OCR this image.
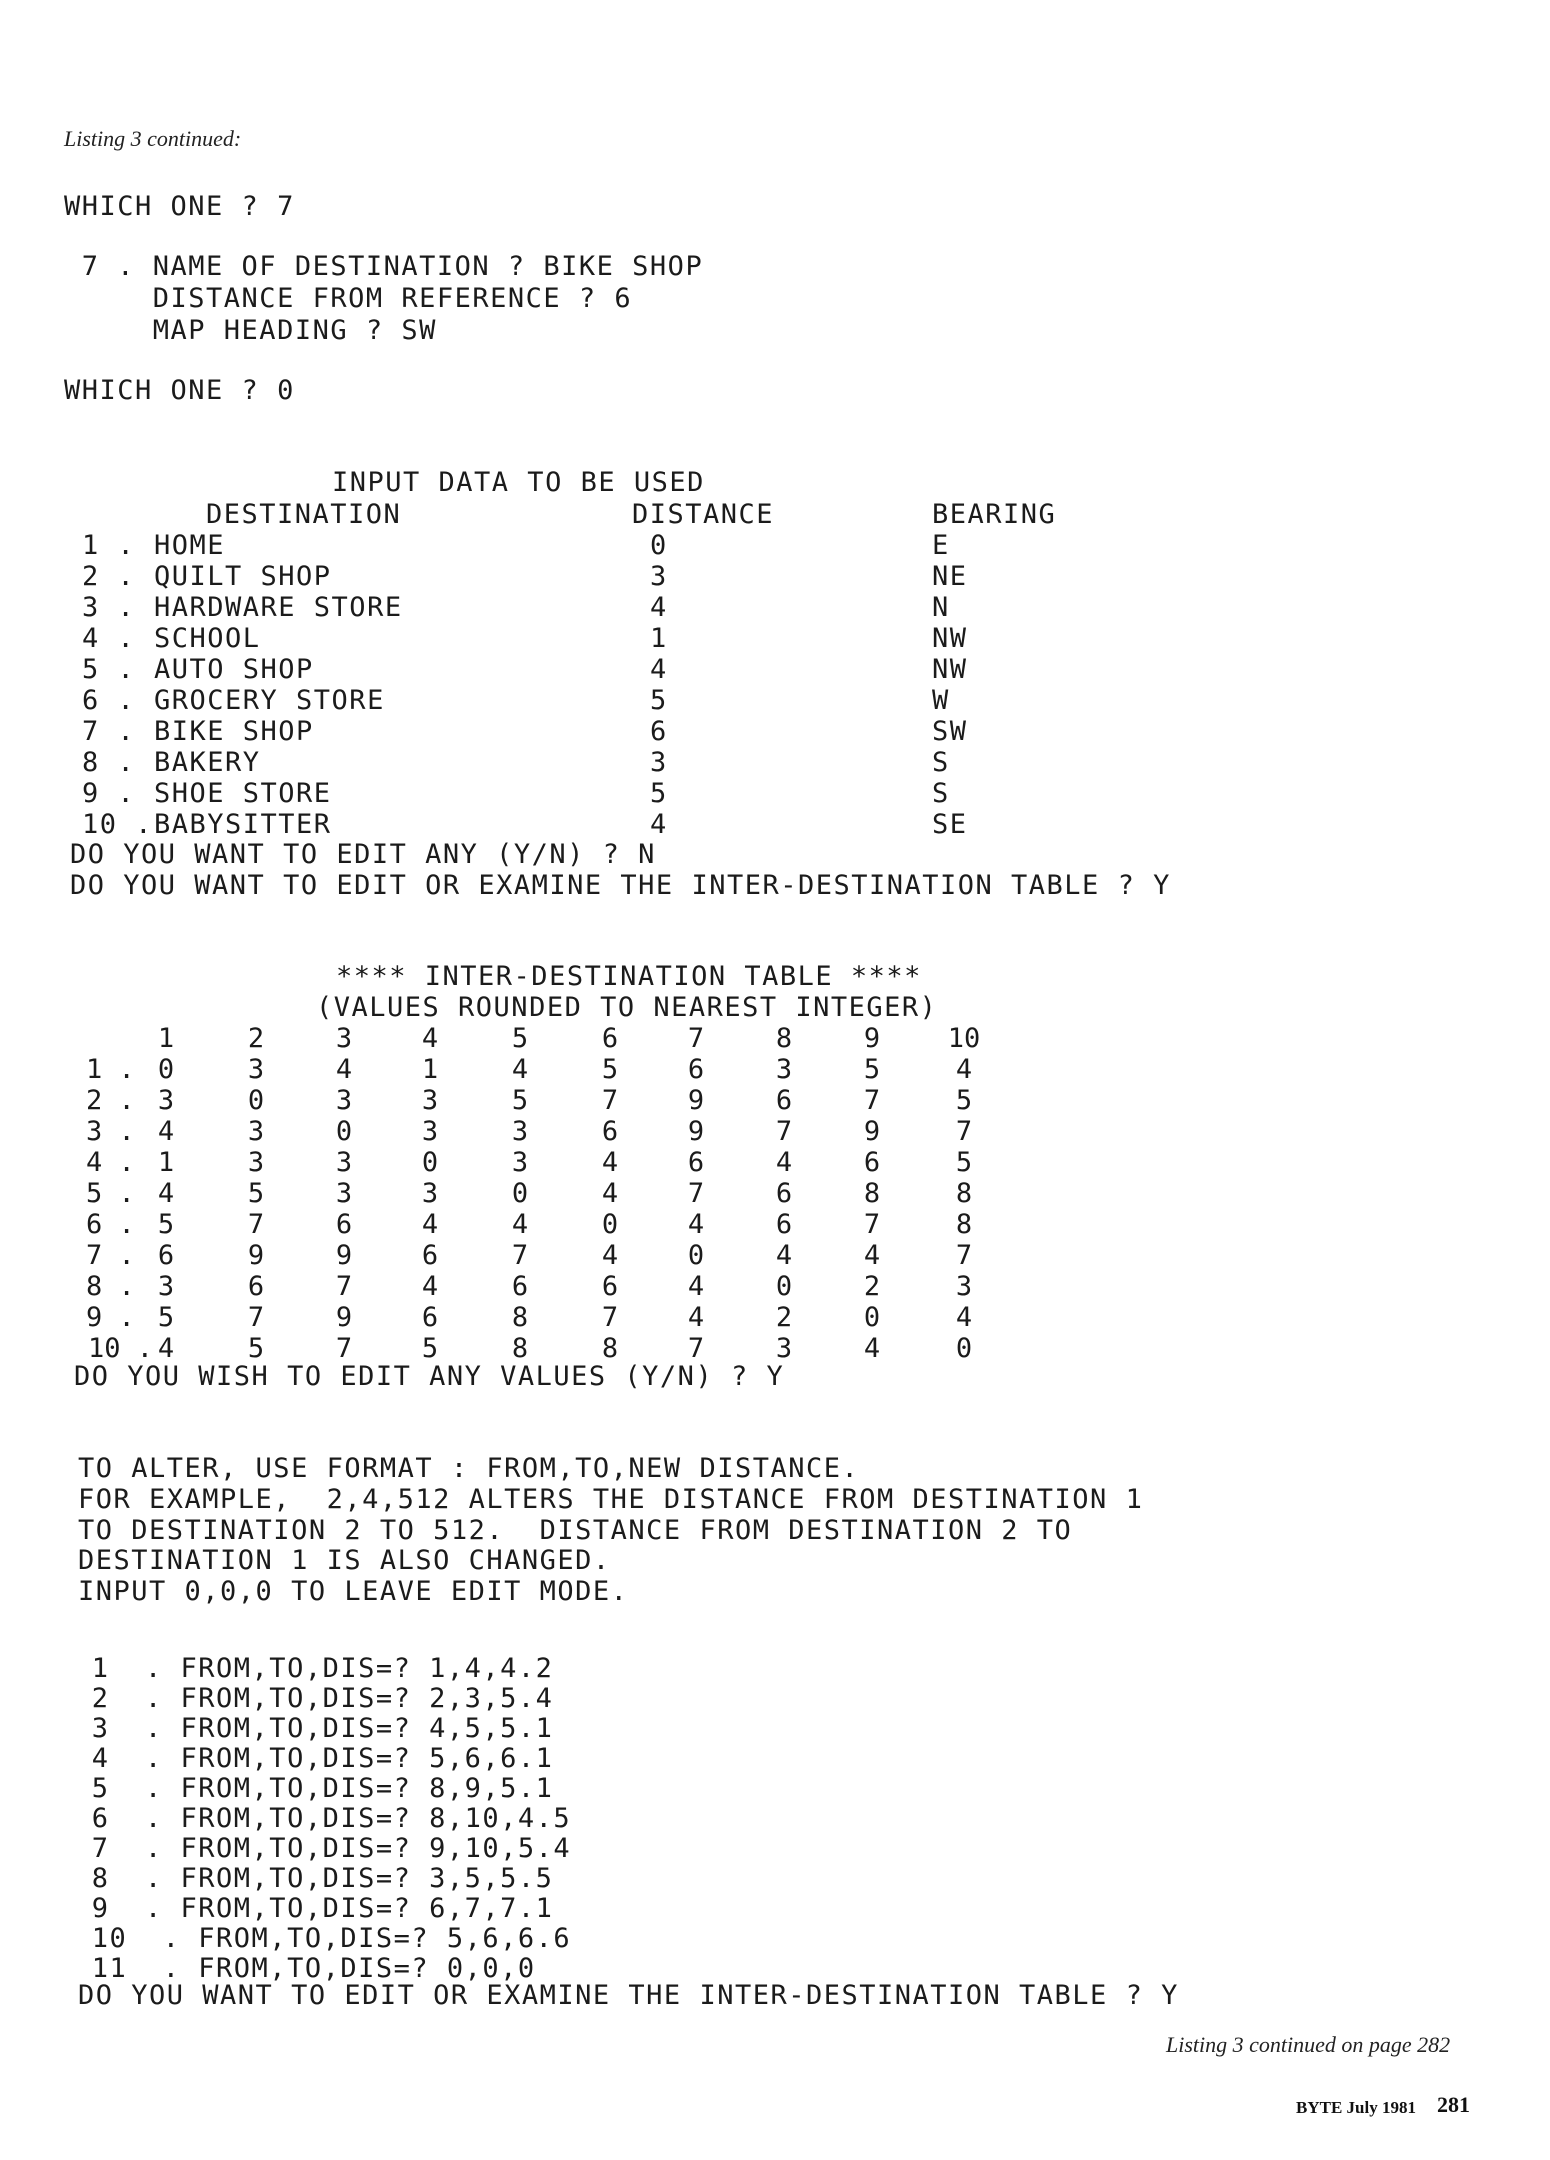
Listing 3 continued:
WHICH ONE ? 7
7 . NAME OF DESTINATION ? BIKE SHOP
DISTANCE FROM REFERENCE ? 6
MAP HEADING ? SW
WHICH ONE ? 0
INPUT DATA TO BE USED
DESTINATION	DISTANCE	BEARING
1 . HOME	0	E
2 . QUILT SHOP	3	NE
3 . HARDWARE STORE	4	N
4 . SCHOOL	1	NW
5 . AUTO SHOP	4	NW
6 . GROCERY STORE	5	W
7 . BIKE SHOP	6	SW
8 . BAKERY	3	S
9 . SHOE STORE	5	S
10 . BABYSITTER	4	SE
DO YOU WANT TO EDIT ANY (Y/N) ? N
DO YOU WANT TO EDIT OR EXAMINE THE INTER-DESTINATION TABLE ? Y
**** INTER-DESTINATION TABLE ****
(VALUES ROUNDED TO NEAREST INTEGER)
1	2	3	4	5	6	7	8	9	10
1 . 0	3	4	1	4	5	6	3	5	4
2 . 3	0	3	3	5	7	9	6	7	5
3 . 4	3	0	3	3	6	9	7	9	7
4 . 1	3	3	0	3	4	6	4	6	5
5 . 4	5	3	3	0	4	7	6	8	8
6 . 5	7	6	4	4	0	4	6	7	8
7 . 6	9	9	6	7	4	0	4	4	7
8 . 3	6	7	4	6	6	4	0	2	3
9 . 5	7	9	6	8	7	4	2	0	4
10 . 4	5	7	5	8	8	7	3	4	0
DO YOU WISH TO EDIT ANY VALUES (Y/N) ? Y
TO ALTER, USE FORMAT : FROM,TO,NEW DISTANCE.
FOR EXAMPLE,  2,4,512 ALTERS THE DISTANCE FROM DESTINATION 1
TO DESTINATION 2 TO 512.  DISTANCE FROM DESTINATION 2 TO
DESTINATION 1 IS ALSO CHANGED.
INPUT 0,0,0 TO LEAVE EDIT MODE.
1  . FROM,TO,DIS=? 1,4,4.2
2  . FROM,TO,DIS=? 2,3,5.4
3  . FROM,TO,DIS=? 4,5,5.1
4  . FROM,TO,DIS=? 5,6,6.1
5  . FROM,TO,DIS=? 8,9,5.1
6  . FROM,TO,DIS=? 8,10,4.5
7  . FROM,TO,DIS=? 9,10,5.4
8  . FROM,TO,DIS=? 3,5,5.5
9  . FROM,TO,DIS=? 6,7,7.1
10  . FROM,TO,DIS=? 5,6,6.6
11  . FROM,TO,DIS=? 0,0,0
DO YOU WANT TO EDIT OR EXAMINE THE INTER-DESTINATION TABLE ? Y
Listing 3 continued on page 282
BYTE July 1981 281
